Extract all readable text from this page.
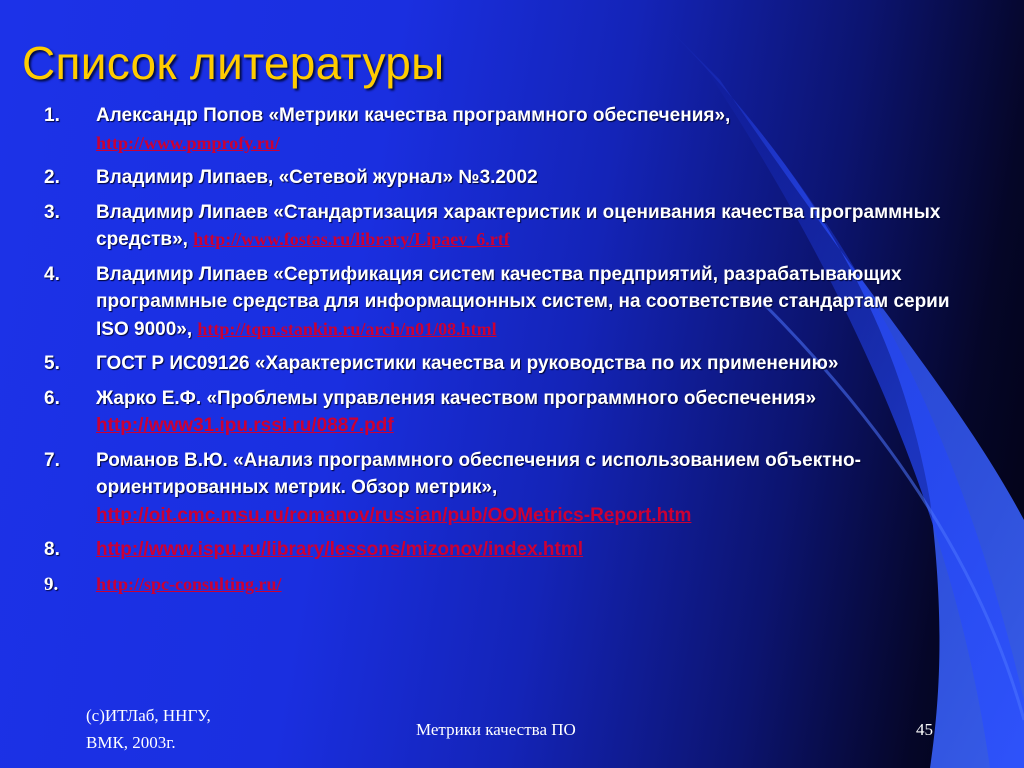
Список литературы
1. Александр Попов «Метрики качества программного обеспечения»,
http://www.pmprofy.ru/
2. Владимир Липаев, «Сетевой журнал» №3.2002
3. Владимир Липаев «Стандартизация характеристик и оценивания качества программных средств», http://www.fostas.ru/library/Lipaev_6.rtf
4. Владимир Липаев «Сертификация систем качества предприятий, разрабатывающих программные средства для информационных систем, на соответствие стандартам серии ISO 9000», http://tqm.stankin.ru/arch/n01/08.html
5. ГОСТ Р ИС09126 «Характеристики качества и руководства по их применению»
6. Жарко Е.Ф. «Проблемы управления качеством программного обеспечения»
http://www31.ipu.rssi.ru/0887.pdf
7. Романов В.Ю. «Анализ программного обеспечения с использованием объектно-ориентированных метрик. Обзор метрик»,
http://oit.cmc.msu.ru/romanov/russian/pub/OOMetrics-Report.htm
8. http://www.ispu.ru/library/lessons/mizonov/index.html
9. http://spc-consulting.ru/
(c)ИТЛаб, ННГУ,
ВМК, 2003г.
Метрики качества ПО	45
